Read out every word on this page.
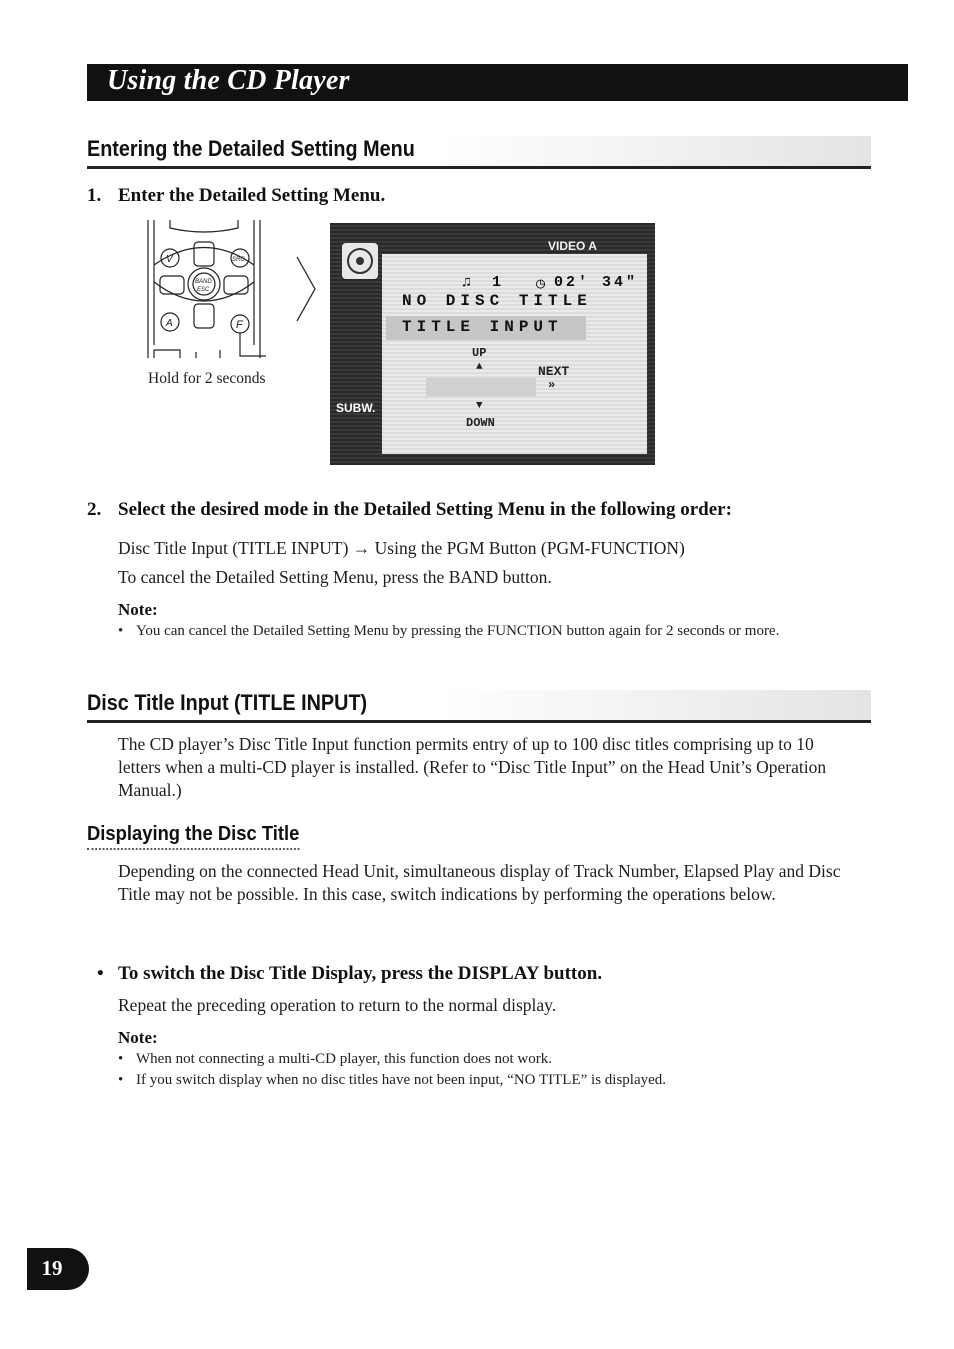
Using the CD Player
Entering the Detailed Setting Menu
1. Enter the Detailed Setting Menu.
V	SRC
BAND
ESC
A	F
Hold for 2 seconds
VIDEO A
♫ 1 ◷ 02' 34"
NO DISC TITLE
TITLE INPUT
UP
▲	NEXT
»
▼
DOWN
SUBW.
2. Select the desired mode in the Detailed Setting Menu in the following order:
Disc Title Input (TITLE INPUT) → Using the PGM Button (PGM-FUNCTION)
To cancel the Detailed Setting Menu, press the BAND button.
Note:
• You can cancel the Detailed Setting Menu by pressing the FUNCTION button again for 2 seconds or more.
Disc Title Input (TITLE INPUT)
The CD player’s Disc Title Input function permits entry of up to 100 disc titles comprising up to 10 letters when a multi-CD player is installed. (Refer to “Disc Title Input” on the Head Unit’s Operation Manual.)
Displaying the Disc Title
Depending on the connected Head Unit, simultaneous display of Track Number, Elapsed Play and Disc Title may not be possible. In this case, switch indications by performing the operations below.
• To switch the Disc Title Display, press the DISPLAY button.
Repeat the preceding operation to return to the normal display.
Note:
• When not connecting a multi-CD player, this function does not work.
• If you switch display when no disc titles have not been input, “NO TITLE” is displayed.
19
